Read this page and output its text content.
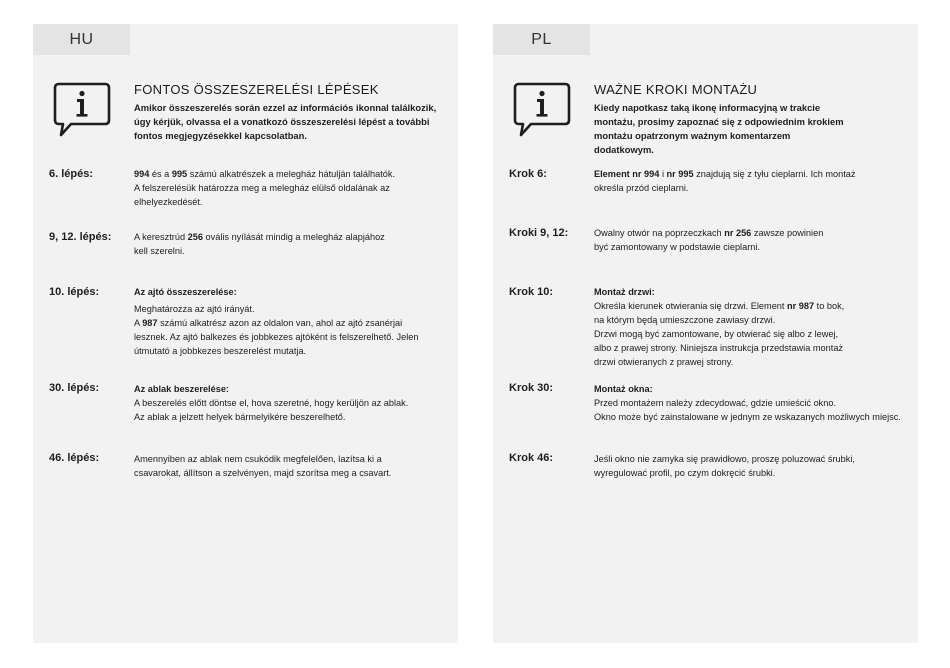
HU
FONTOS ÖSSZESZERELÉSI LÉPÉSEK
Amikor összeszerelés során ezzel az információs ikonnal találkozik, úgy kérjük, olvassa el a vonatkozó összeszerelési lépést a további fontos megjegyzésekkel kapcsolatban.
6. lépés:	994 és a 995 számú alkatrészek a melegház hátulján találhatók.
A felszerelésük határozza meg a melegház elülső oldalának az
elhelyezkedését.
9, 12. lépés: A keresztrúd 256 ovális nyílását mindig a melegház alapjához
kell szerelni.
10. lépés:	Az ajtó összeszerelése:
Meghatározza az ajtó irányát.
A 987 számú alkatrész azon az oldalon van, ahol az ajtó zsanérjai
lesznek. Az ajtó balkezes és jobbkezes ajtóként is felszerelhető. Jelen
útmutató a jobbkezes beszerelést mutatja.
30. lépés:	Az ablak beszerelése:
A beszerelés előtt döntse el, hova szeretné, hogy kerüljön az ablak.
Az ablak a jelzett helyek bármelyikére beszerelhető.
46. lépés:	Amennyiben az ablak nem csukódik megfelelően, lazítsa ki a
csavarokat, állítson a szelvényen, majd szorítsa meg a csavart.
PL
WAŻNE KROKI MONTAŻU
Kiedy napotkasz taką ikonę informacyjną w trakcie montażu, prosimy zapoznać się z odpowiednim krokiem montażu opatrzonym ważnym komentarzem dodatkowym.
Krok 6:	Element nr 994 i nr 995 znajdują się z tyłu cieplarni. Ich montaż
określa przód cieplarni.
Kroki 9, 12:	Owalny otwór na poprzeczkach nr 256 zawsze powinien
być zamontowany w podstawie cieplarni.
Krok 10:	Montaż drzwi:
Określa kierunek otwierania się drzwi. Element nr 987 to bok,
na którym będą umieszczone zawiasy drzwi.
Drzwi mogą być zamontowane, by otwierać się albo z lewej,
albo z prawej strony. Niniejsza instrukcja przedstawia montaż
drzwi otwieranych z prawej strony.
Krok 30:	Montaż okna:
Przed montażem należy zdecydować, gdzie umieścić okno.
Okno może być zainstalowane w jednym ze wskazanych możliwych miejsc.
Krok 46:	Jeśli okno nie zamyka się prawidłowo, proszę poluzować śrubki,
wyregulować profil, po czym dokręcić śrubki.
